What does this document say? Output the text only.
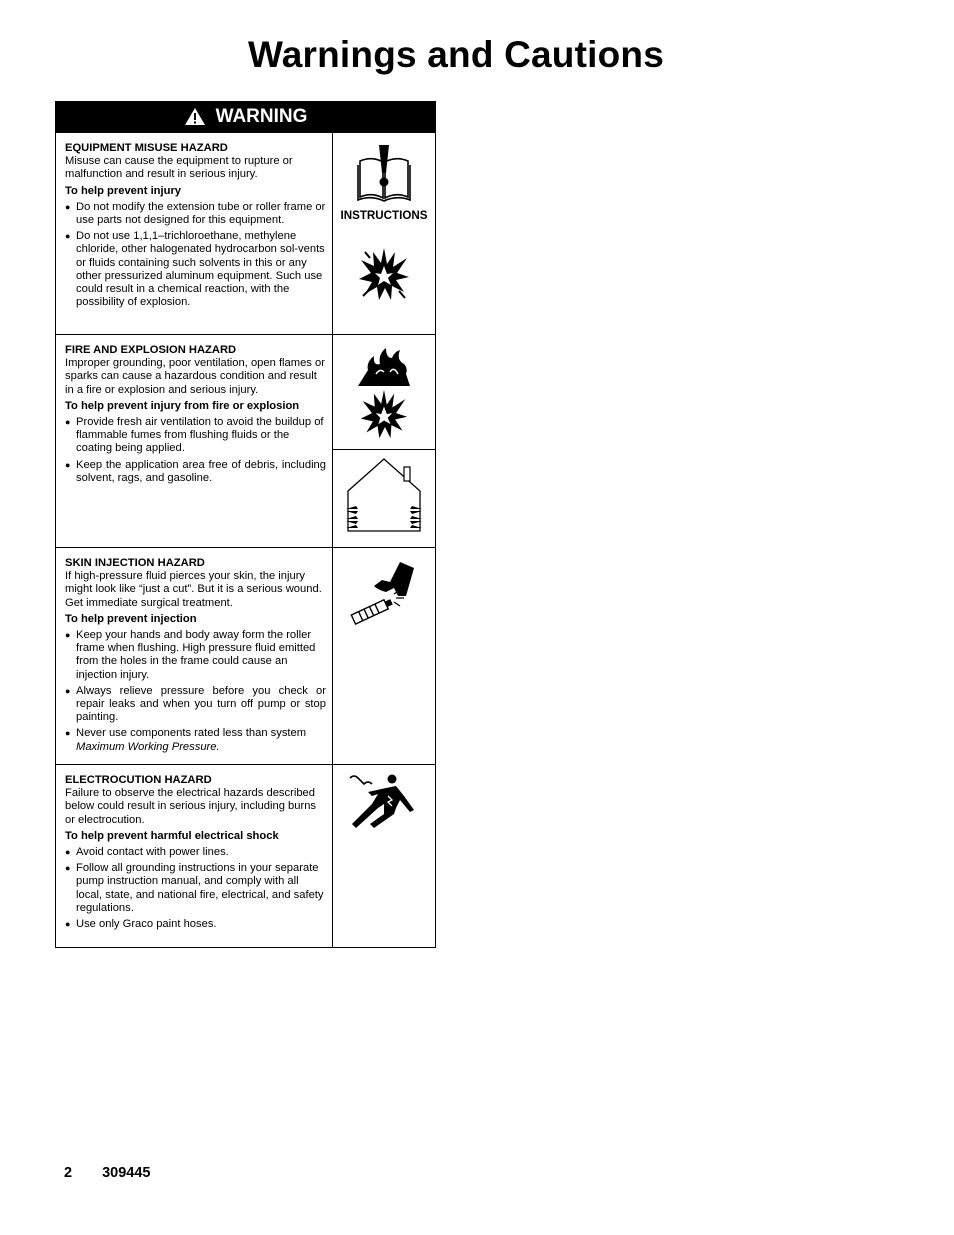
Warnings and Cautions
WARNING
EQUIPMENT MISUSE HAZARD
Misuse can cause the equipment to rupture or malfunction and result in serious injury.
To help prevent injury
● Do not modify the extension tube or roller frame or use parts not designed for this equipment.
● Do not use 1,1,1–trichloroethane, methylene chloride, other halogenated hydrocarbon sol-vents or fluids containing such solvents in this or any other pressurized aluminum equipment. Such use could result in a chemical reaction, with the possibility of explosion.
INSTRUCTIONS
FIRE AND EXPLOSION HAZARD
Improper grounding, poor ventilation, open flames or sparks can cause a hazardous condition and result in a fire or explosion and serious injury.
To help prevent injury from fire or explosion
● Provide fresh air ventilation to avoid the buildup of flammable fumes from flushing fluids or the coating being applied.
● Keep the application area free of debris, including solvent, rags, and gasoline.
SKIN INJECTION HAZARD
If high-pressure fluid pierces your skin, the injury might look like “just a cut”. But it is a serious wound. Get immediate surgical treatment.
To help prevent injection
● Keep your hands and body away form the roller frame when flushing. High pressure fluid emitted from the holes in the frame could cause an injection injury.
● Always relieve pressure before you check or repair leaks and when you turn off pump or stop painting.
● Never use components rated less than system Maximum Working Pressure.
ELECTROCUTION HAZARD
Failure to observe the electrical hazards described below could result in serious injury, including burns or electrocution.
To help prevent harmful electrical shock
● Avoid contact with power lines.
● Follow all grounding instructions in your separate pump instruction manual, and comply with all local, state, and national fire, electrical, and safety regulations.
● Use only Graco paint hoses.
2 309445
